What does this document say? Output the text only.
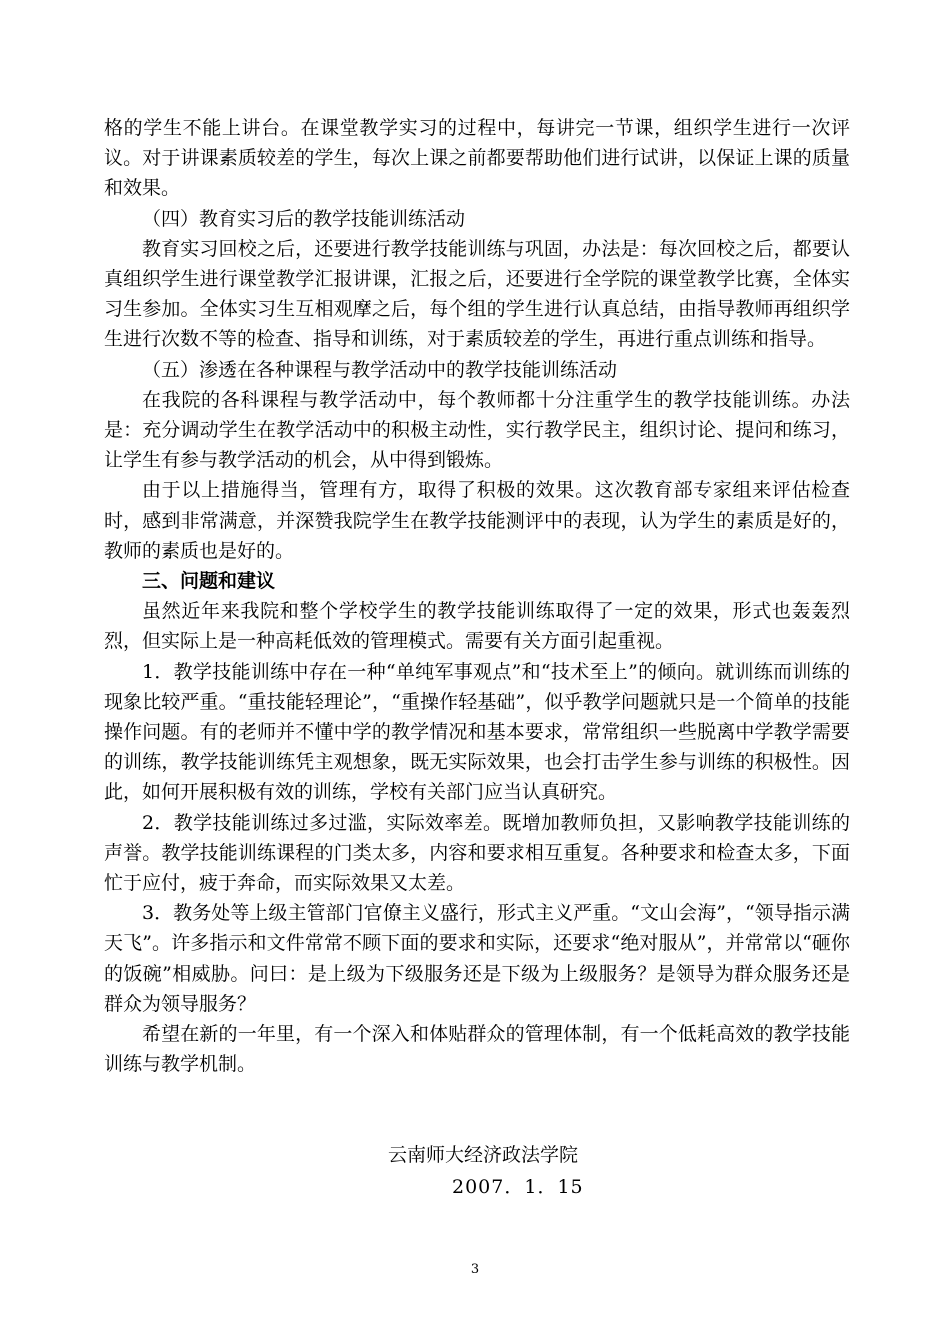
格的学生不能上讲台。在课堂教学实习的过程中，每讲完一节课，组织学生进行一次评议。对于讲课素质较差的学生，每次上课之前都要帮助他们进行试讲，以保证上课的质量和效果。

（四）教育实习后的教学技能训练活动

教育实习回校之后，还要进行教学技能训练与巩固，办法是：每次回校之后，都要认真组织学生进行课堂教学汇报讲课，汇报之后，还要进行全学院的课堂教学比赛，全体实习生参加。全体实习生互相观摩之后，每个组的学生进行认真总结，由指导教师再组织学生进行次数不等的检查、指导和训练，对于素质较差的学生，再进行重点训练和指导。

（五）渗透在各种课程与教学活动中的教学技能训练活动

在我院的各科课程与教学活动中，每个教师都十分注重学生的教学技能训练。办法是：充分调动学生在教学活动中的积极主动性，实行教学民主，组织讨论、提问和练习，让学生有参与教学活动的机会，从中得到锻炼。

由于以上措施得当，管理有方，取得了积极的效果。这次教育部专家组来评估检查时，感到非常满意，并深赞我院学生在教学技能测评中的表现，认为学生的素质是好的，教师的素质也是好的。

三、问题和建议

虽然近年来我院和整个学校学生的教学技能训练取得了一定的效果，形式也轰轰烈烈，但实际上是一种高耗低效的管理模式。需要有关方面引起重视。

1．教学技能训练中存在一种“单纯军事观点”和“技术至上”的倾向。就训练而训练的现象比较严重。“重技能轻理论”，“重操作轻基础”，似乎教学问题就只是一个简单的技能操作问题。有的老师并不懂中学的教学情况和基本要求，常常组织一些脱离中学教学需要的训练，教学技能训练凭主观想象，既无实际效果，也会打击学生参与训练的积极性。因此，如何开展积极有效的训练，学校有关部门应当认真研究。

2．教学技能训练过多过滥，实际效率差。既增加教师负担，又影响教学技能训练的声誉。教学技能训练课程的门类太多，内容和要求相互重复。各种要求和检查太多，下面忙于应付，疲于奔命，而实际效果又太差。

3．教务处等上级主管部门官僚主义盛行，形式主义严重。“文山会海”，“领导指示满天飞”。许多指示和文件常常不顾下面的要求和实际，还要求“绝对服从”，并常常以“砸你的饭碗”相威胁。问曰：是上级为下级服务还是下级为上级服务？是领导为群众服务还是群众为领导服务？

希望在新的一年里，有一个深入和体贴群众的管理体制，有一个低耗高效的教学技能训练与教学机制。

云南师大经济政法学院
2007．1．15
3
